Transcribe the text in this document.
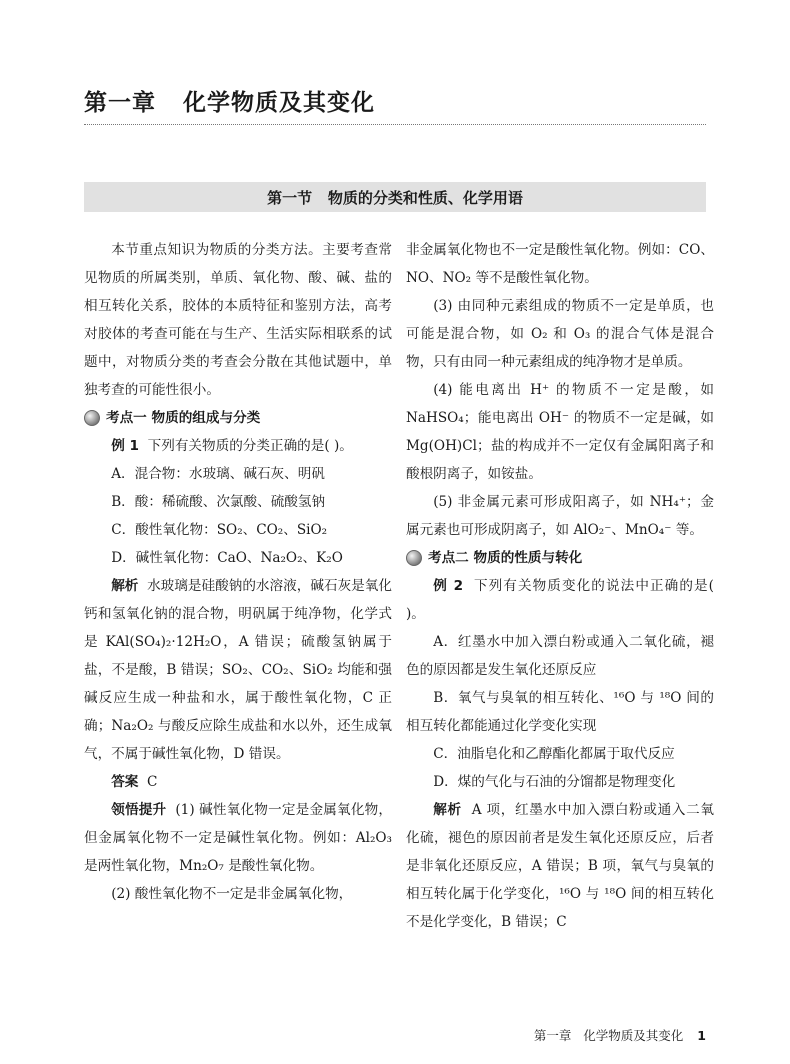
第一章   化学物质及其变化
第一节   物质的分类和性质、化学用语

本节重点知识为物质的分类方法。主要考查常见物质的所属类别，单质、氧化物、酸、碱、盐的相互转化关系，胶体的本质特征和鉴别方法，高考对胶体的考查可能在与生产、生活实际相联系的试题中，对物质分类的考查会分散在其他试题中，单独考查的可能性很小。

考点一 物质的组成与分类

例 1 下列有关物质的分类正确的是( )。

A．混合物：水玻璃、碱石灰、明矾

B．酸：稀硫酸、次氯酸、硫酸氢钠

C．酸性氧化物：SO₂、CO₂、SiO₂

D．碱性氧化物：CaO、Na₂O₂、K₂O

解析 水玻璃是硅酸钠的水溶液，碱石灰是氧化钙和氢氧化钠的混合物，明矾属于纯净物，化学式是 KAl(SO₄)₂·12H₂O，A 错误；硫酸氢钠属于盐，不是酸，B 错误；SO₂、CO₂、SiO₂ 均能和强碱反应生成一种盐和水，属于酸性氧化物，C 正确；Na₂O₂ 与酸反应除生成盐和水以外，还生成氧气，不属于碱性氧化物，D 错误。

答案 C

领悟提升 (1) 碱性氧化物一定是金属氧化物，但金属氧化物不一定是碱性氧化物。例如：Al₂O₃ 是两性氧化物，Mn₂O₇ 是酸性氧化物。

(2) 酸性氧化物不一定是非金属氧化物，

非金属氧化物也不一定是酸性氧化物。例如：CO、NO、NO₂ 等不是酸性氧化物。

(3) 由同种元素组成的物质不一定是单质，也可能是混合物，如 O₂ 和 O₃ 的混合气体是混合物，只有由同一种元素组成的纯净物才是单质。

(4) 能电离出 H⁺ 的物质不一定是酸，如 NaHSO₄；能电离出 OH⁻ 的物质不一定是碱，如 Mg(OH)Cl；盐的构成并不一定仅有金属阳离子和酸根阴离子，如铵盐。

(5) 非金属元素可形成阳离子，如 NH₄⁺；金属元素也可形成阴离子，如 AlO₂⁻、MnO₄⁻ 等。

考点二 物质的性质与转化

例 2 下列有关物质变化的说法中正确的是( )。

A．红墨水中加入漂白粉或通入二氧化硫，褪色的原因都是发生氧化还原反应

B．氧气与臭氧的相互转化、¹⁶O 与 ¹⁸O 间的相互转化都能通过化学变化实现

C．油脂皂化和乙醇酯化都属于取代反应

D．煤的气化与石油的分馏都是物理变化

解析 A 项，红墨水中加入漂白粉或通入二氧化硫，褪色的原因前者是发生氧化还原反应，后者是非氧化还原反应，A 错误；B 项，氧气与臭氧的相互转化属于化学变化，¹⁶O 与 ¹⁸O 间的相互转化不是化学变化，B 错误；C

第一章   化学物质及其变化 1
